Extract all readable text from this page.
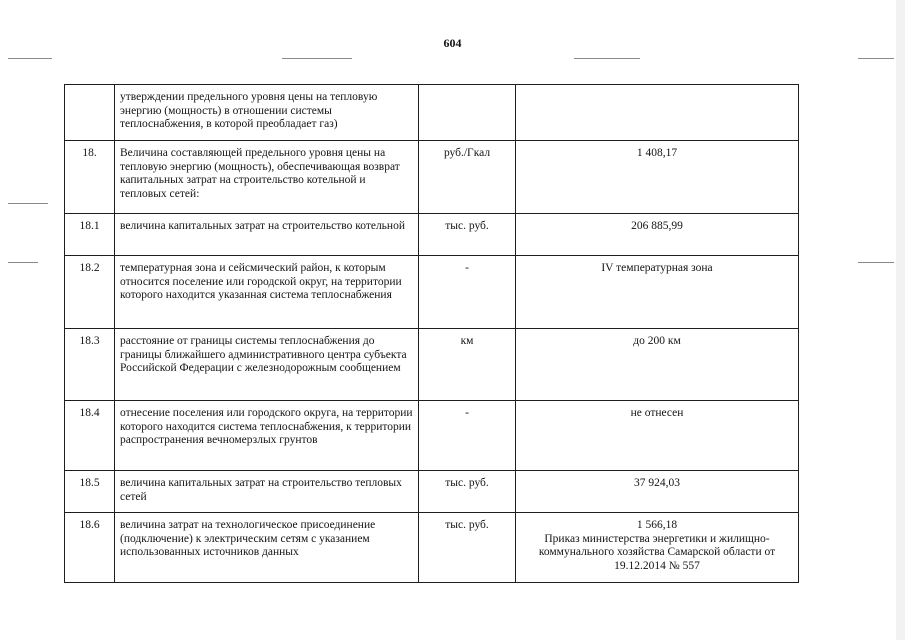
604
	утверждении предельного уровня цены на тепловую энергию (мощность) в отношении системы теплоснабжения, в которой преобладает газ)		
18.	Величина составляющей предельного уровня цены на тепловую энергию (мощность), обеспечивающая возврат капитальных затрат на строительство котельной и тепловых сетей:	руб./Гкал	1 408,17
18.1	величина капитальных затрат на строительство котельной	тыс. руб.	206 885,99
18.2	температурная зона и сейсмический район, к которым относится поселение или городской округ, на территории которого находится указанная система теплоснабжения	-	IV температурная зона
18.3	расстояние от границы системы теплоснабжения до границы ближайшего административного центра субъекта Российской Федерации с железнодорожным сообщением	км	до 200 км
18.4	отнесение поселения или городского округа, на территории которого находится система теплоснабжения, к территории распространения вечномерзлых грунтов	-	не отнесен
18.5	величина капитальных затрат на строительство тепловых сетей	тыс. руб.	37 924,03
18.6	величина затрат на технологическое присоединение (подключение) к электрическим сетям с указанием использованных источников данных	тыс. руб.	1 566,18
Приказ министерства энергетики и жилищно-коммунального хозяйства Самарской области от 19.12.2014 № 557
